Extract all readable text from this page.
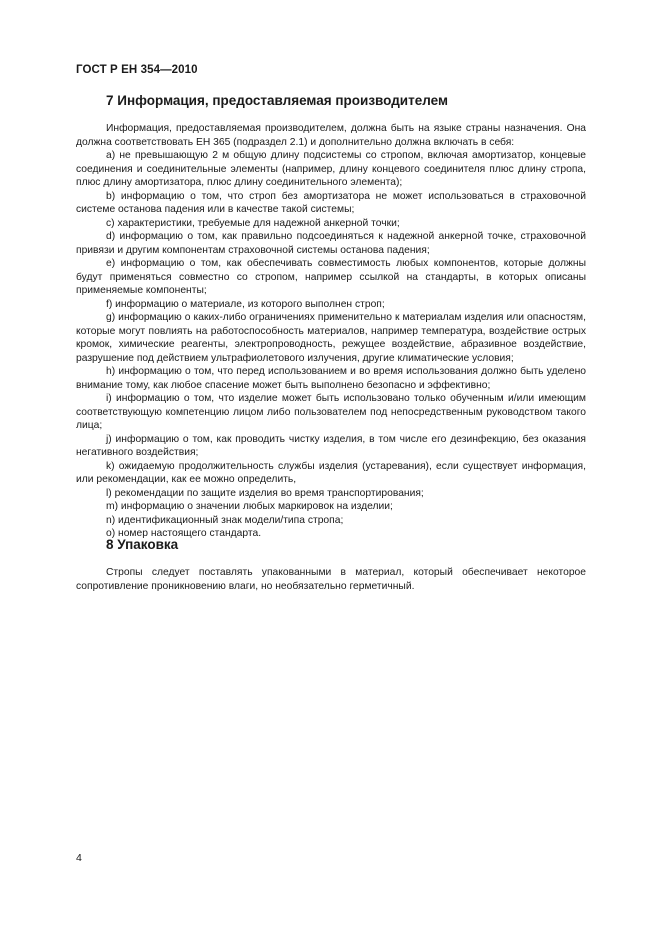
ГОСТ Р ЕН 354—2010
7 Информация, предоставляемая производителем

Информация, предоставляемая производителем, должна быть на языке страны назначения. Она должна соответствовать ЕН 365 (подраздел 2.1) и дополнительно должна включать в себя:

a) не превышающую 2 м общую длину подсистемы со стропом, включая амортизатор, концевые соединения и соединительные элементы (например, длину концевого соединителя плюс длину стропа, плюс длину амортизатора, плюс длину соединительного элемента);

b) информацию о том, что строп без амортизатора не может использоваться в страховочной системе останова падения или в качестве такой системы;

c) характеристики, требуемые для надежной анкерной точки;

d) информацию о том, как правильно подсоединяться к надежной анкерной точке, страховочной привязи и другим компонентам страховочной системы останова падения;

e) информацию о том, как обеспечивать совместимость любых компонентов, которые должны будут применяться совместно со стропом, например ссылкой на стандарты, в которых описаны применяемые компоненты;

f) информацию о материале, из которого выполнен строп;

g) информацию о каких-либо ограничениях применительно к материалам изделия или опасностям, которые могут повлиять на работоспособность материалов, например температура, воздействие острых кромок, химические реагенты, электропроводность, режущее воздействие, абразивное воздействие, разрушение под действием ультрафиолетового излучения, другие климатические условия;

h) информацию о том, что перед использованием и во время использования должно быть уделено внимание тому, как любое спасение может быть выполнено безопасно и эффективно;

i) информацию о том, что изделие может быть использовано только обученным и/или имеющим соответствующую компетенцию лицом либо пользователем под непосредственным руководством такого лица;

j) информацию о том, как проводить чистку изделия, в том числе его дезинфекцию, без оказания негативного воздействия;

k) ожидаемую продолжительность службы изделия (устаревания), если существует информация, или рекомендации, как ее можно определить,

l) рекомендации по защите изделия во время транспортирования;

m) информацию о значении любых маркировок на изделии;

n) идентификационный знак модели/типа стропа;

o) номер настоящего стандарта.

8 Упаковка

Стропы следует поставлять упакованными в материал, который обеспечивает некоторое сопротивление проникновению влаги, но необязательно герметичный.

4
